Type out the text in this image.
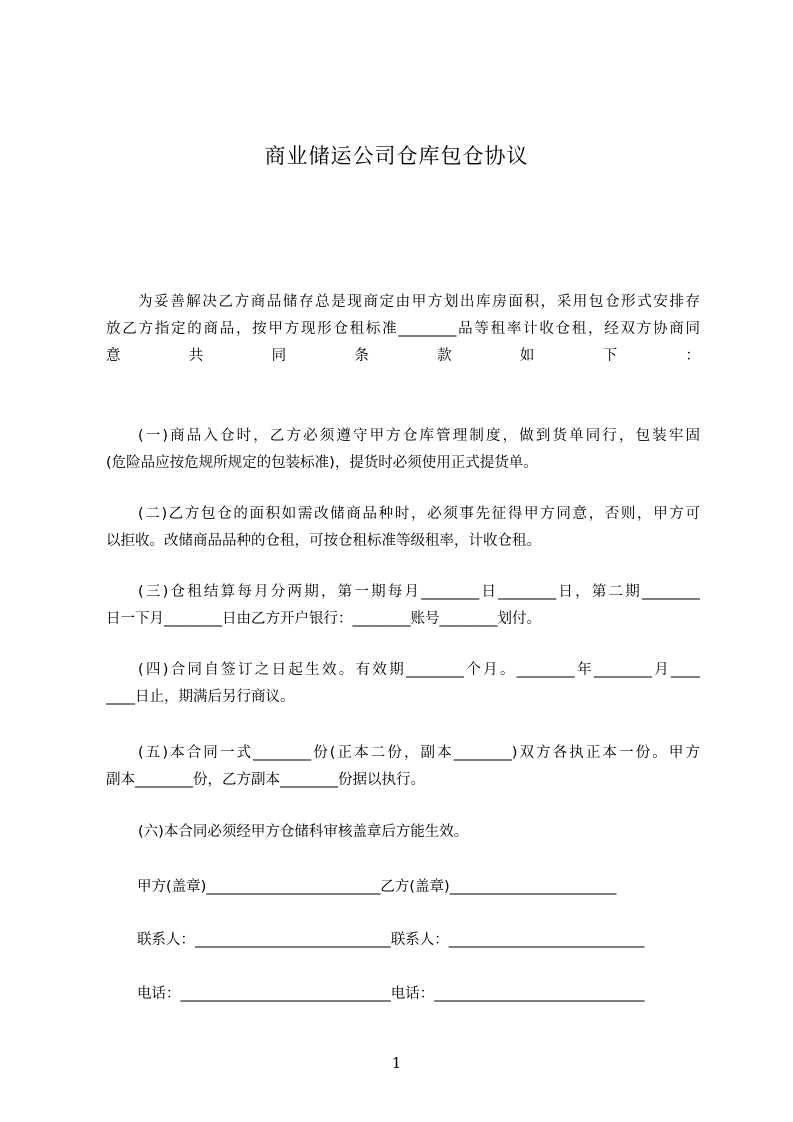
商业储运公司仓库包仓协议
为妥善解决乙方商品储存总是现商定由甲方划出库房面积，采用包仓形式安排存
放乙方指定的商品，按甲方现形仓租标准________品等租率计收仓租，经双方协商同
意	共	同	条	款	如	下	：
(一)商品入仓时，乙方必须遵守甲方仓库管理制度，做到货单同行，包装牢固
(危险品应按危规所规定的包装标准)，提货时必须使用正式提货单。
(二)乙方包仓的面积如需改储商品种时，必须事先征得甲方同意，否则，甲方可
以拒收。改储商品品种的仓租，可按仓租标准等级租率，计收仓租。
(三)仓租结算每月分两期，第一期每月________日________日，第二期________
日一下月________日由乙方开户银行：________账号________划付。
(四)合同自签订之日起生效。有效期________个月。________年________月____
____日止，期满后另行商议。
(五)本合同一式________份(正本二份，副本________)双方各执正本一份。甲方
副本________份，乙方副本________份据以执行。
(六)本合同必须经甲方仓储科审核盖章后方能生效。
甲方(盖章)________________________乙方(盖章)_______________________
联系人：___________________________联系人：___________________________
电话：_____________________________电话：_____________________________
1
